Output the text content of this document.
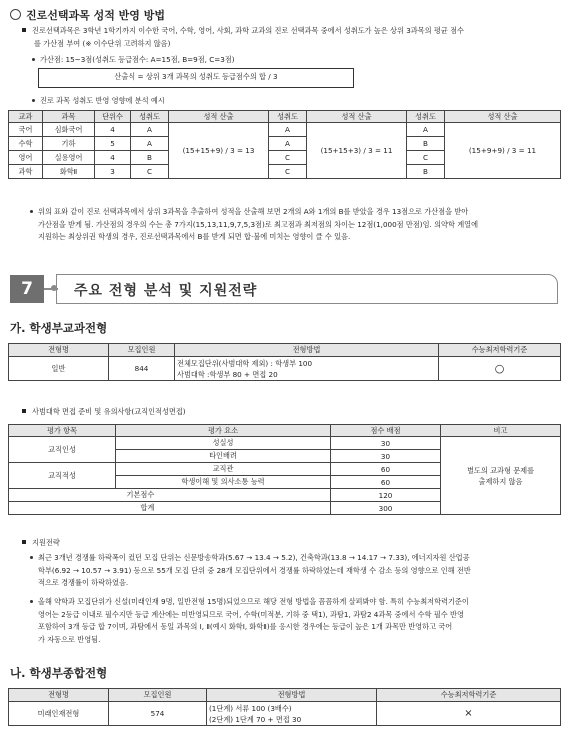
진로선택과목 성적 반영 방법
진로선택과목은 3학년 1학기까지 이수한 국어, 수학, 영어, 사회, 과학 교과의 진로 선택과목 중에서 성취도가 높은 상위 3과목의 평균 점수
를 가산점 부여 (※ 이수단위 고려하지 않음)
가산점: 15~3점(성취도 등급점수: A=15점, B=9점, C=3점)
산출식 = 상위 3개 과목의 성취도 등급점수의 합 / 3
진로 과목 성취도 반영 영향에 분석 예시
교과	과목	단위수	성취도	성적 산출	성취도	성적 산출	성취도	성적 산출
국어	심화국어	4	A	(15+15+9) / 3 = 13	A	(15+15+3) / 3 = 11	A	(15+9+9) / 3 = 11
수학	기하	5	A		A		B	
영어	실용영어	4	B		C		C	
과학	화학Ⅱ	3	C		C		B	
위의 표와 같이 진로 선택과목에서 상위 3과목을 추출하여 성적을 산출해 보면 2개의 A와 1개의 B를 받았을 경우 13점으로 가산점을 받아
가산점을 받게 됨. 가산점의 경우의 수는 총 7가지(15,13,11,9,7,5,3점)로 최고점과 최저점의 차이는 12점(1,000점 만점)임. 의약학 계열에
지원하는 최상위권 학생의 경우, 진로선택과목에서 B를 받게 되면 합·불에 미치는 영향이 클 수 있음.
7	주요 전형 분석 및 지원전략
가. 학생부교과전형
전형명	모집인원	전형방법	수능최저학력기준
일반	844	전체모집단위(사범대학 제외) : 학생부 100
사범대학 :학생부 80 + 면접 20	○
사범대학 면접 준비 및 유의사항(교직인적성면접)
평가 항목		평가 요소	점수 배점	비고
교직인성		성실성	30	별도의 교과형 문제를
출제하지 않음

		타인배려	30	
교직적성		교직관	60	
		학생이해 및 의사소통 능력	60	
	기본점수		120	
	합계		300	
지원전략
최근 3개년 경쟁률 하락폭이 컸던 모집 단위는 신문방송학과(5.67 → 13.4 → 5.2), 건축학과(13.8 → 14.17 → 7.33), 에너지자원 산업공
학부(6.92 → 10.57 → 3.91) 등으로 55개 모집 단위 중 28개 모집단위에서 경쟁률 하락하였는데 재학생 수 감소 등의 영향으로 인해 전반
적으로 경쟁률이 하락하였음.
올해 약학과 모집단위가 신설(미래인재 9명, 일반전형 15명)되었으므로 해당 전형 방법을 꼼꼼하게 살펴봐야 함. 특히 수능최저학력기준이
영어는 2등급 이내로 필수지만 등급 계산에는 미반영되므로 국어, 수학(미적분, 기하 중 택1), 과탐1, 과탐2 4과목 중에서 수학 필수 반영
포함하여 3개 등급 합 7이며, 과탐에서 동일 과목의 Ⅰ, Ⅱ(예시 화학Ⅰ, 화학Ⅱ)를 응시한 경우에는 등급이 높은 1개 과목만 반영하고 국어
가 자동으로 반영됨.
나. 학생부종합전형
전형명	모집인원	전형방법	수능최저학력기준
미래인재전형	574	(1단계) 서류 100 (3배수)
(2단계) 1단계 70 + 면접 30	×
